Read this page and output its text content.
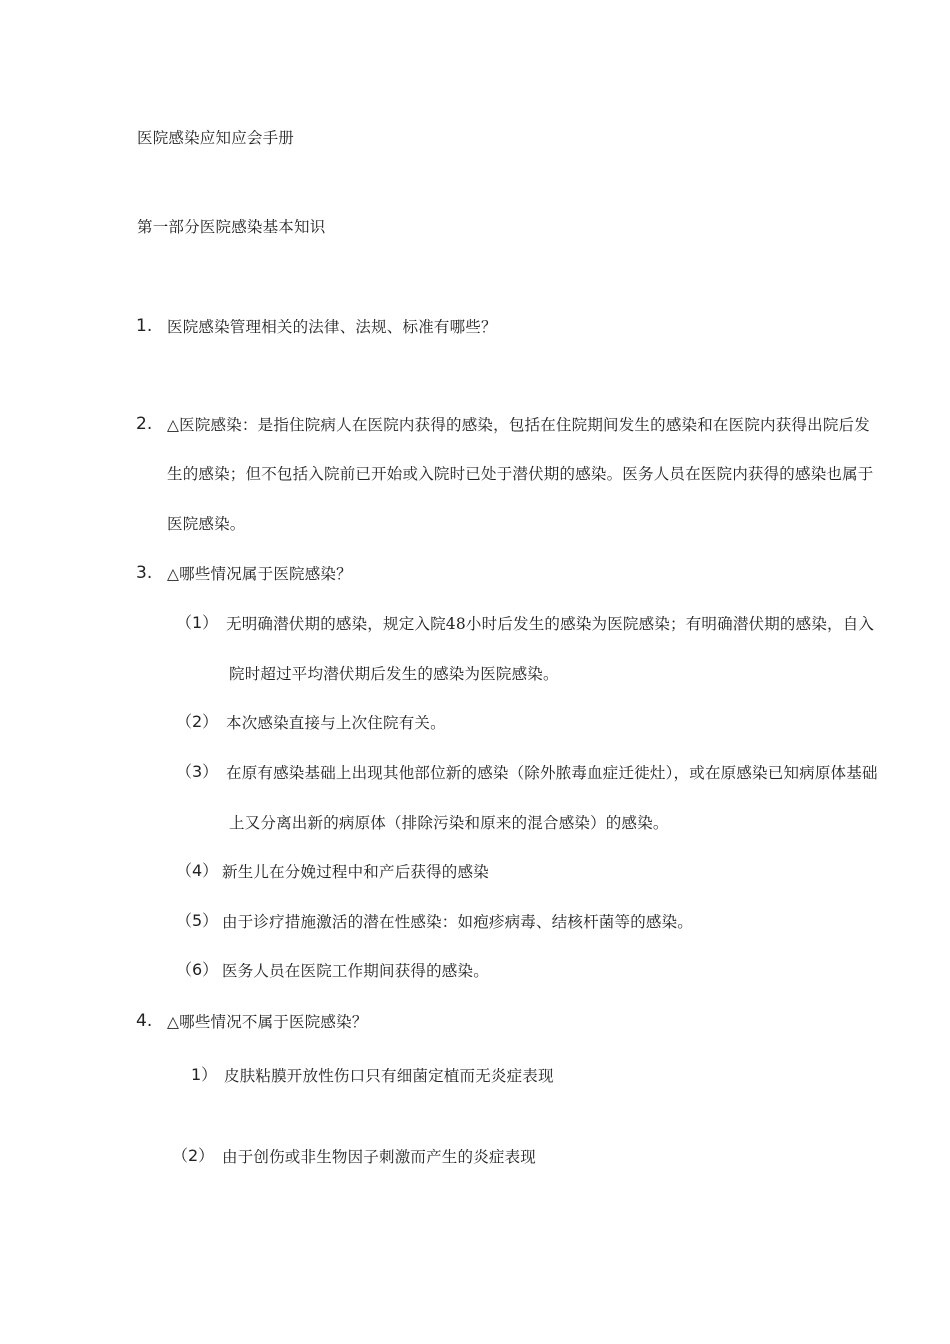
医院感染应知应会手册
第一部分医院感染基本知识
1. 医院感染管理相关的法律、法规、标准有哪些？
2. △医院感染：是指住院病人在医院内获得的感染，包括在住院期间发生的感染和在医院内获得出院后发
生的感染；但不包括入院前已开始或入院时已处于潜伏期的感染。医务人员在医院内获得的感染也属于
医院感染。
3. △哪些情况属于医院感染？
（1） 无明确潜伏期的感染，规定入院48小时后发生的感染为医院感染；有明确潜伏期的感染，自入
院时超过平均潜伏期后发生的感染为医院感染。
（2） 本次感染直接与上次住院有关。
（3） 在原有感染基础上出现其他部位新的感染（除外脓毒血症迁徙灶），或在原感染已知病原体基础
上又分离出新的病原体（排除污染和原来的混合感染）的感染。
（4） 新生儿在分娩过程中和产后获得的感染
（5） 由于诊疗措施激活的潜在性感染：如疱疹病毒、结核杆菌等的感染。
（6） 医务人员在医院工作期间获得的感染。
4. △哪些情况不属于医院感染？
1） 皮肤粘膜开放性伤口只有细菌定植而无炎症表现
（2） 由于创伤或非生物因子刺激而产生的炎症表现
